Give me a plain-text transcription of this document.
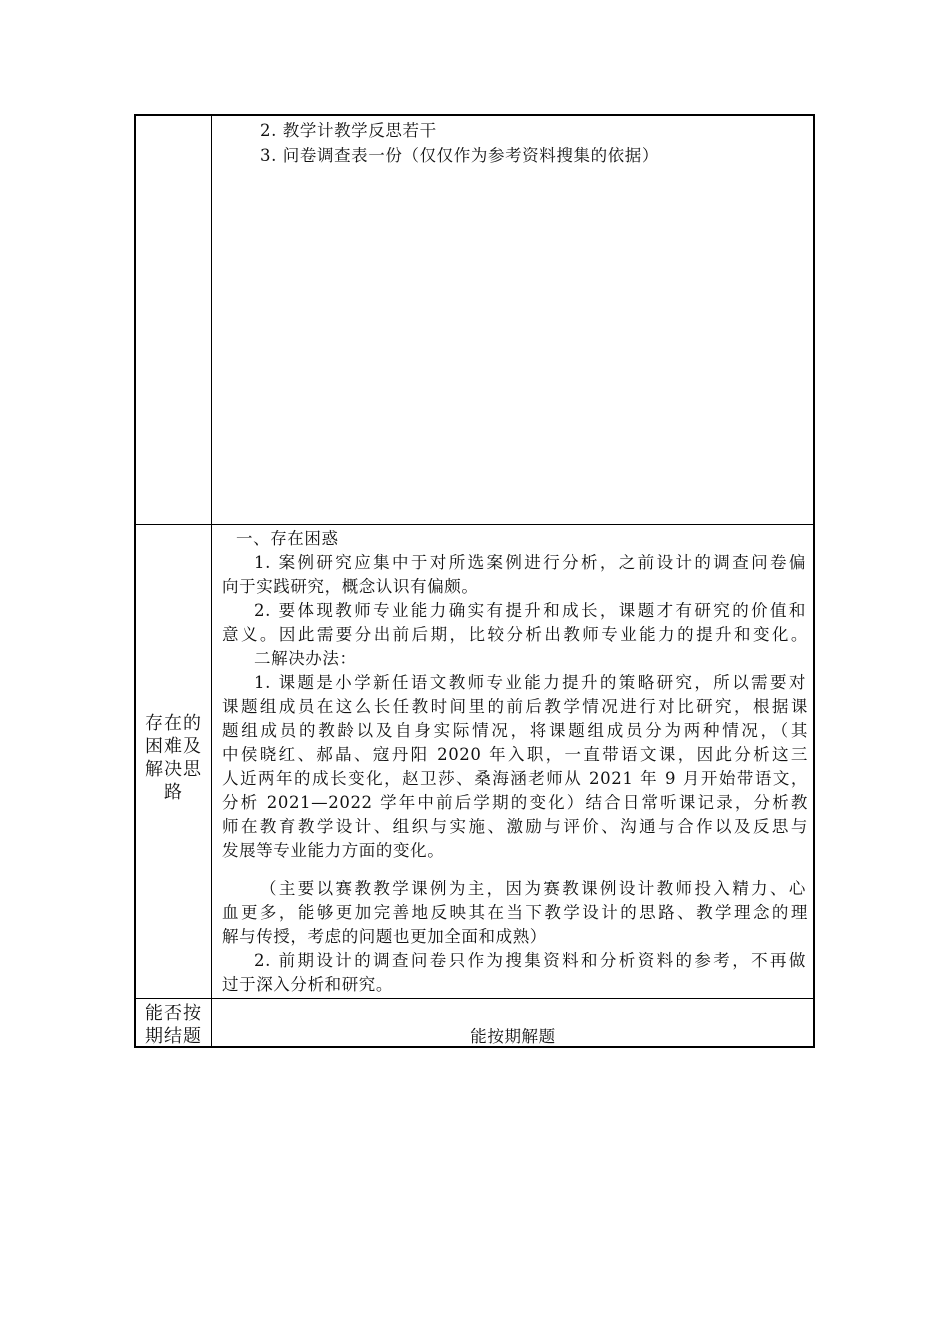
2. 教学计教学反思若干
3. 问卷调查表一份（仅仅作为参考资料搜集的依据）
存在的
困难及
解决思
路
一、存在困惑
1. 案例研究应集中于对所选案例进行分析，之前设计的调查问卷偏
向于实践研究，概念认识有偏颇。
2. 要体现教师专业能力确实有提升和成长，课题才有研究的价值和
意义。因此需要分出前后期，比较分析出教师专业能力的提升和变化。
二解决办法：
1. 课题是小学新任语文教师专业能力提升的策略研究，所以需要对
课题组成员在这么长任教时间里的前后教学情况进行对比研究，根据课
题组成员的教龄以及自身实际情况，将课题组成员分为两种情况，（其
中侯晓红、郝晶、寇丹阳 2020 年入职，一直带语文课，因此分析这三
人近两年的成长变化，赵卫莎、桑海涵老师从 2021 年 9 月开始带语文，
分析 2021—2022 学年中前后学期的变化）结合日常听课记录，分析教
师在教育教学设计、组织与实施、激励与评价、沟通与合作以及反思与
发展等专业能力方面的变化。
（主要以赛教教学课例为主，因为赛教课例设计教师投入精力、心
血更多，能够更加完善地反映其在当下教学设计的思路、教学理念的理
解与传授，考虑的问题也更加全面和成熟）
2. 前期设计的调查问卷只作为搜集资料和分析资料的参考，不再做
过于深入分析和研究。
能否按
期结题	能按期解题
